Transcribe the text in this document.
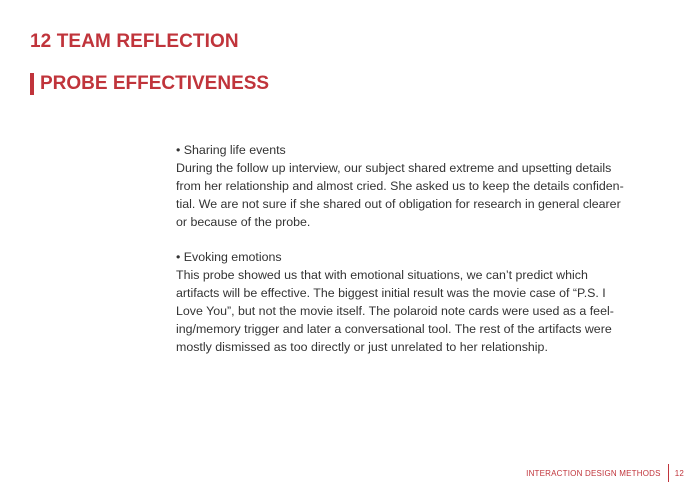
12 TEAM REFLECTION
PROBE EFFECTIVENESS
• Sharing life events

During the follow up interview, our subject shared extreme and upsetting details from her relationship and almost cried. She asked us to keep the details confiden-tial. We are not sure if she shared out of obligation for research in general clearer or because of the probe.

• Evoking emotions

This probe showed us that with emotional situations, we can’t predict which artifacts will be effective. The biggest initial result was the movie case of “P.S. I Love You”, but not the movie itself. The polaroid note cards were used as a feel-ing/memory trigger and later a conversational tool. The rest of the artifacts were mostly dismissed as too directly or just unrelated to her relationship.

INTERACTION DESIGN METHODS 12
